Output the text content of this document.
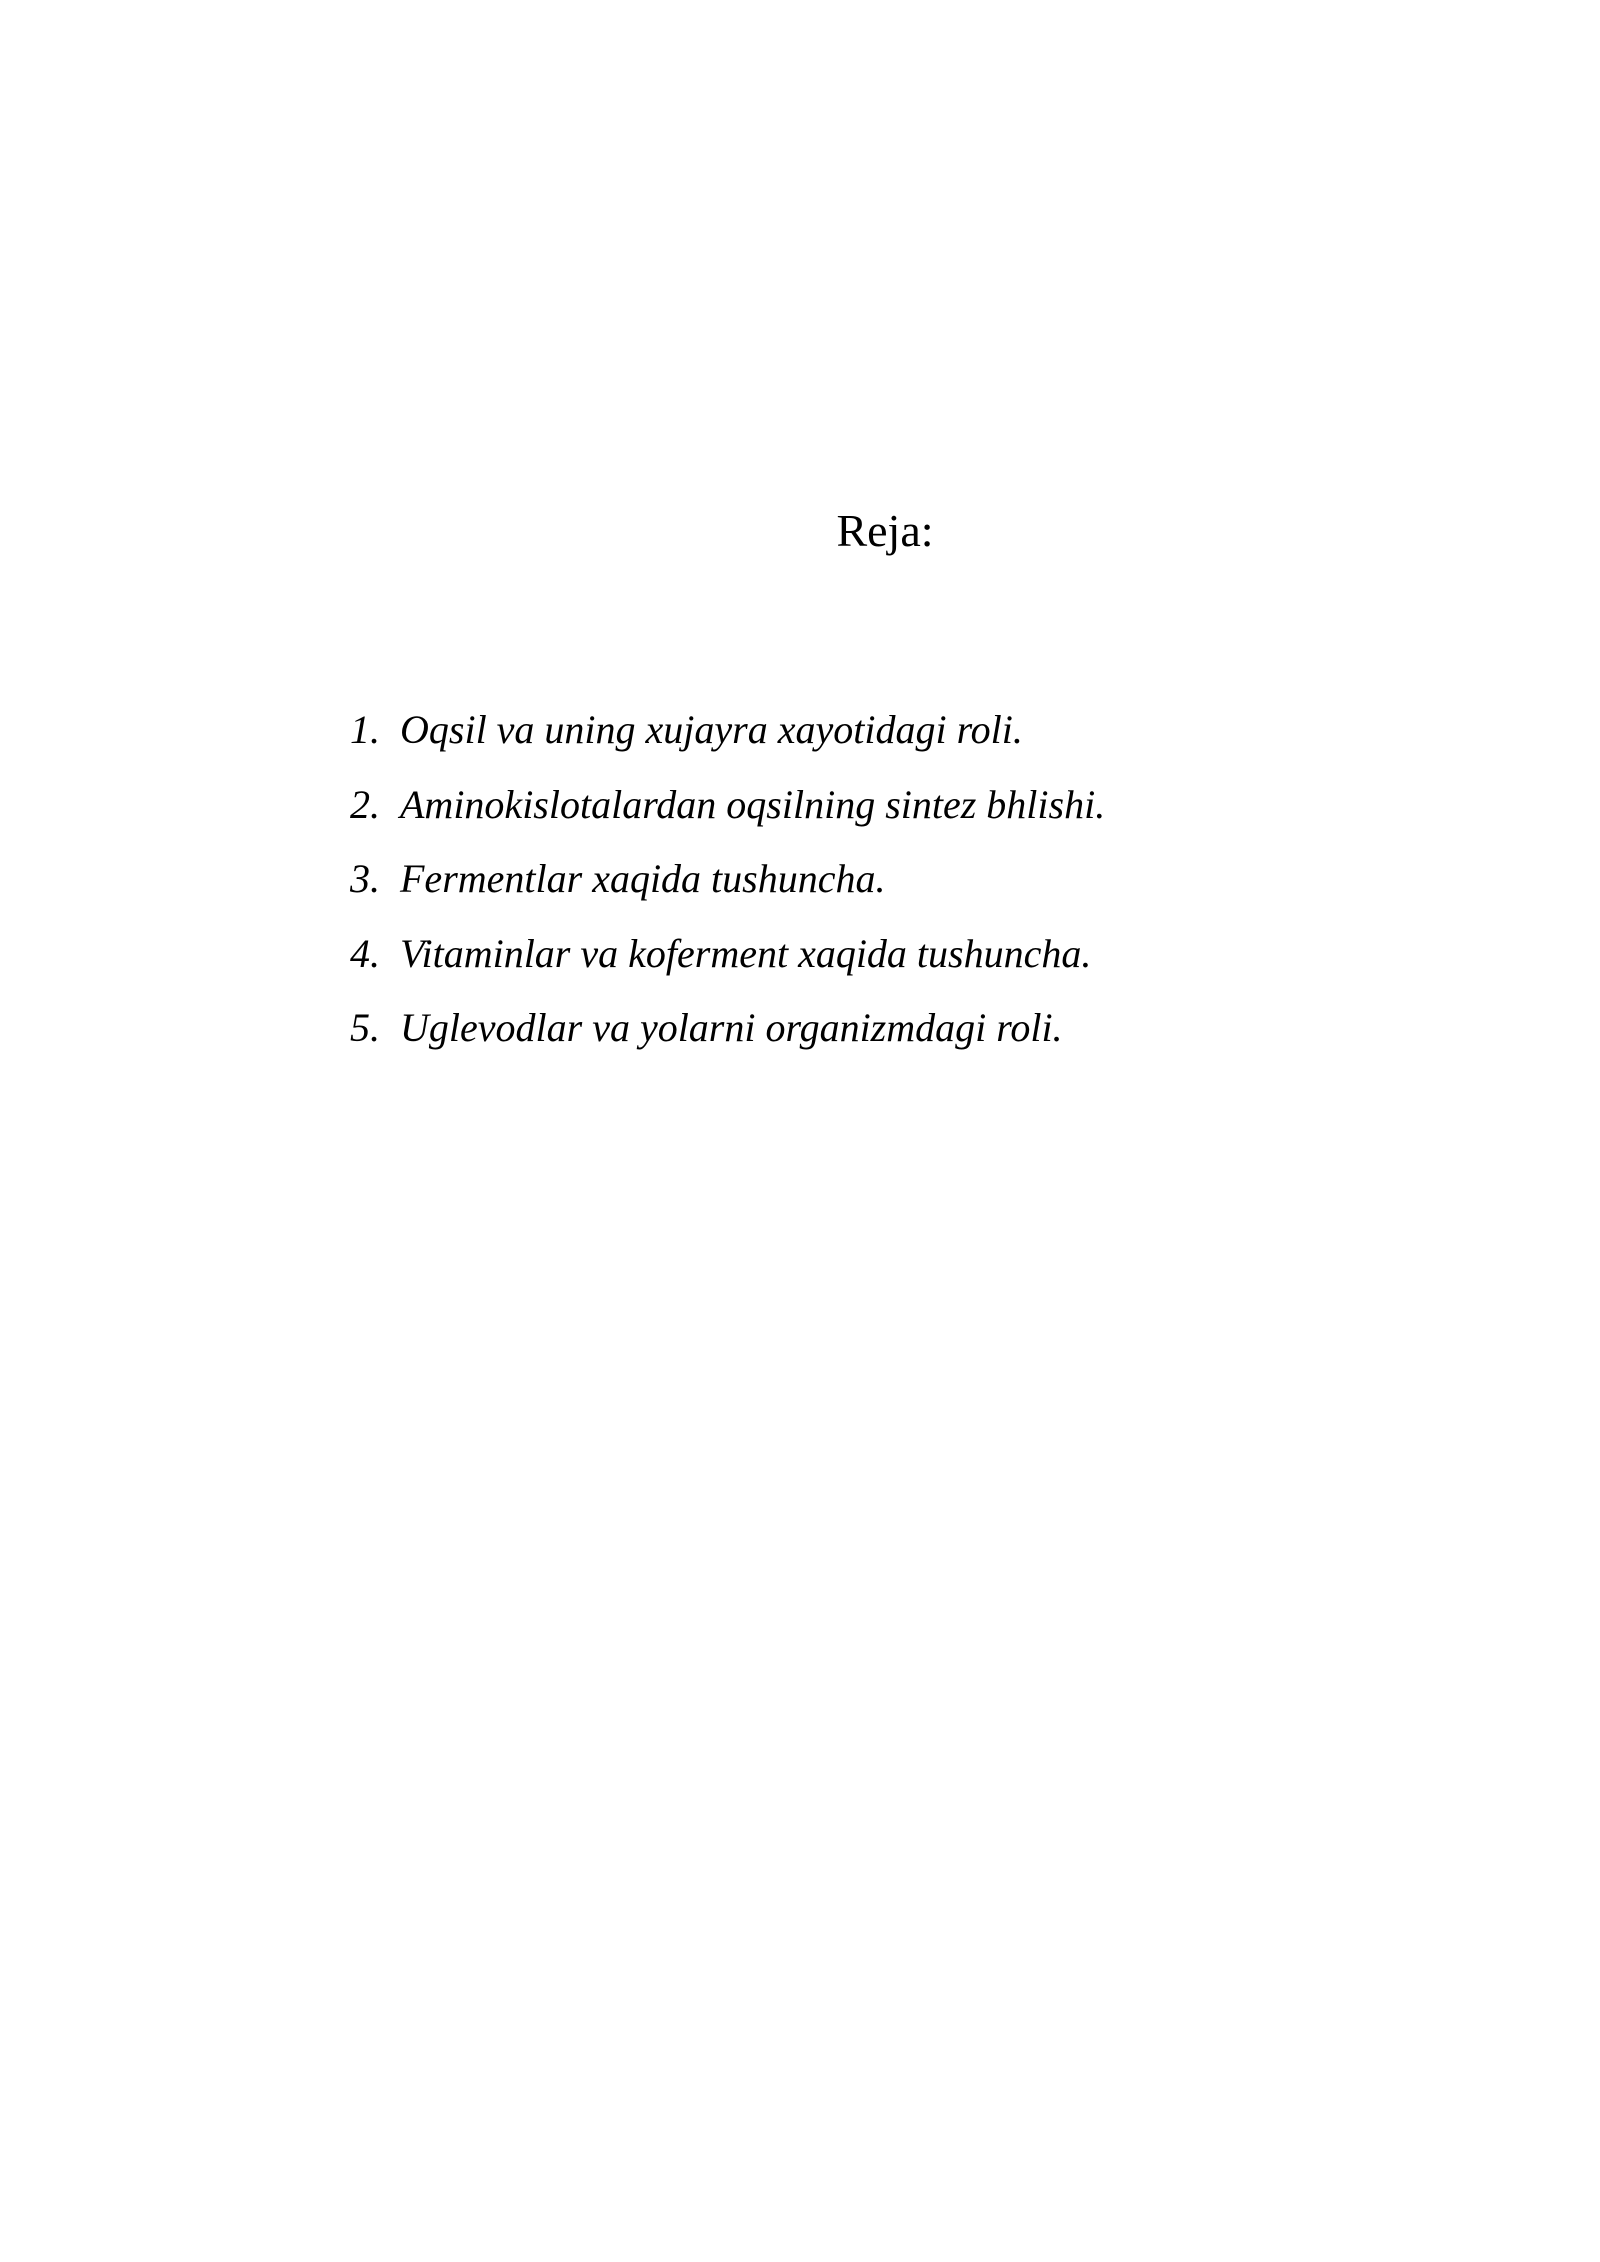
Reja:
1. Oqsil va uning xujayra xayotidagi roli.
2. Aminokislotalardan oqsilning sintez bhlishi.
3. Fermentlar xaqida tushuncha.
4. Vitaminlar va koferment xaqida tushuncha.
5. Uglevodlar va yolarni organizmdagi roli.
